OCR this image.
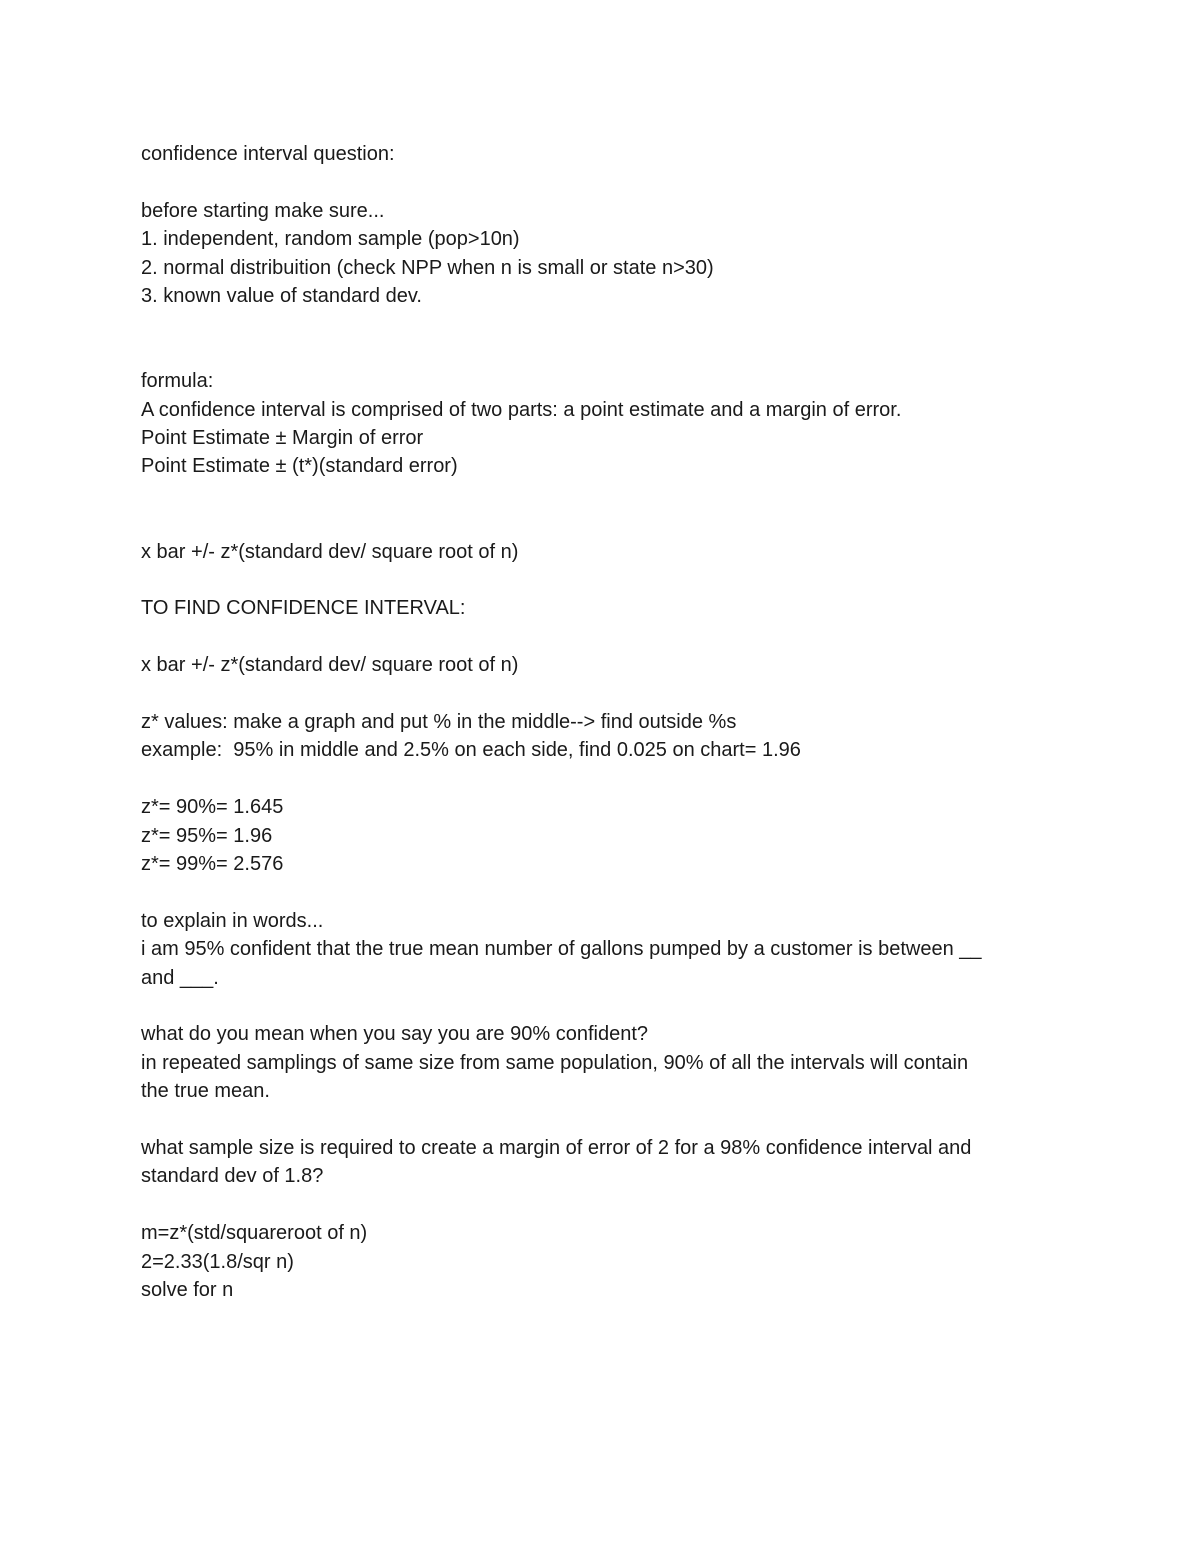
confidence interval question:

before starting make sure...

1. independent, random sample (pop>10n)

2. normal distribuition (check NPP when n is small or state n>30)

3. known value of standard dev.

formula:

A confidence interval is comprised of two parts: a point estimate and a margin of error.

Point Estimate ± Margin of error

Point Estimate ± (t*)(standard error)

x bar +/- z*(standard dev/ square root of n)

TO FIND CONFIDENCE INTERVAL:

x bar +/- z*(standard dev/ square root of n)

z* values: make a graph and put % in the middle--> find outside %s

example:  95% in middle and 2.5% on each side, find 0.025 on chart= 1.96

z*= 90%= 1.645

z*= 95%= 1.96

z*= 99%= 2.576

to explain in words...

i am 95% confident that the true mean number of gallons pumped by a customer is between __

and ___.

what do you mean when you say you are 90% confident?

in repeated samplings of same size from same population, 90% of all the intervals will contain

the true mean.

what sample size is required to create a margin of error of 2 for a 98% confidence interval and

standard dev of 1.8?

m=z*(std/squareroot of n)

2=2.33(1.8/sqr n)

solve for n
